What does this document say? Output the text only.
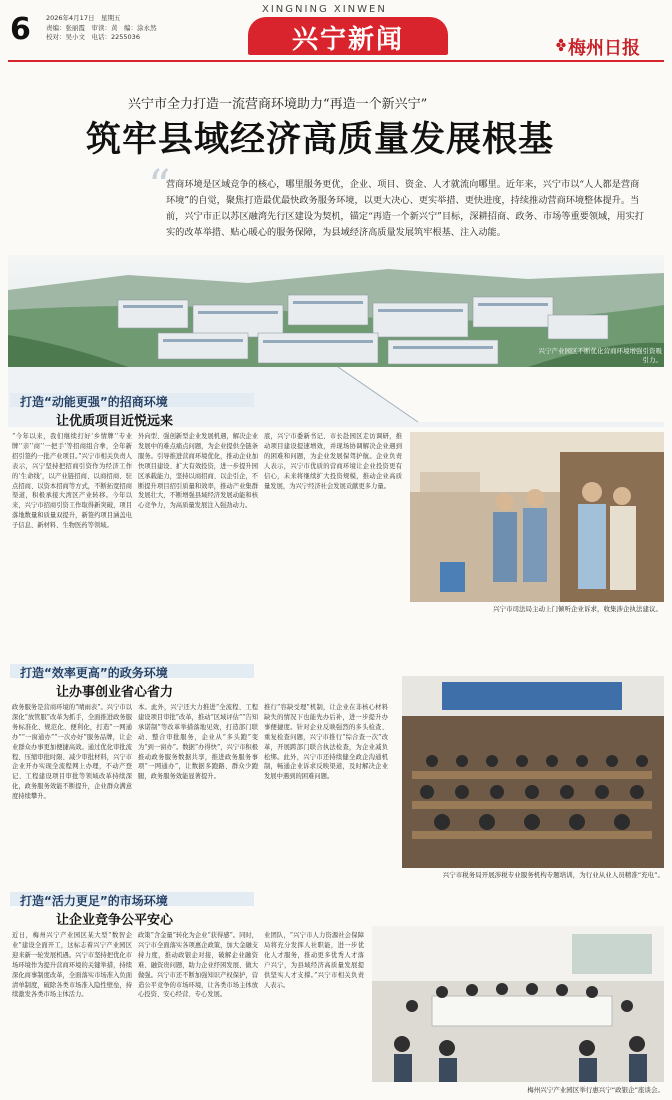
XINGNING XINWEN
6 2026年4月17日　星期五
责编：张丽霞　审读：黄　编：涂永然
校对：吴小文　电话：2255036	兴宁新闻	梅州日报
兴宁市全力打造一流营商环境助力“再造一个新兴宁”
筑牢县域经济高质量发展根基
“
营商环境是区域竞争的核心，哪里服务更优，企业、项目、资金、人才就流向哪里。近年来，兴宁市以“人人都是营商环境”的自觉，聚焦打造最优最快政务服务环境，以更大决心、更实举措、更快进度，持续推动营商环境整体提升。当前，兴宁市正以苏区融湾先行区建设为契机，锚定“再造一个新兴宁”目标，深耕招商、政务、市场等重要领域，用实打实的改革举措、贴心暖心的服务保障，为县域经济高质量发展筑牢根基、注入动能。
兴宁产业园区不断优化营商环境增强引资吸引力。
打造“动能更强”的招商环境
让优质项目近悦远来
“今年以来，我们继续打好‘乡情牌’‘专业牌’‘亲’‘商’‘一把手’等招商组合拳，全年新招引签约一批产业项目。”兴宁市相关负责人表示，兴宁坚持把招商引资作为经济工作的‘生命线’，以产业链招商、以商招商、驻点招商、以资本招商等方式，不断拓宽招商渠道，积极承接大湾区产业转移。今年以来，兴宁市招商引资工作取得新突破，项目落地数量和质量双提升，新签约项目涵盖电子信息、新材料、生物医药等领域。
外向型、强创新型企业发展机遇，解决企业发展中的难点痛点问题，为企业提供全链条服务。引导推进营商环境优化，推动企业加快项目建设、扩大有效投资，进一步提升园区承载能力，坚持以商招商、以企引企，不断提升项目招引质量和效率，推动产业集群发展壮大，不断增强县域经济发展动能和核心竞争力，为高质量发展注入强劲动力。
底，兴宁市委新书记、市长赴园区走访调研，推动项目建设提速增效，并现场协调解决企业遇到的困难和问题，为企业发展保驾护航。企业负责人表示，兴宁市优质的营商环境让企业投资更有信心，未来将继续扩大投资规模，推动企业高质量发展，为兴宁经济社会发展贡献更多力量。
兴宁市司法局主动上门倾听企业诉求，收集涉企执法建议。
打造“效率更高”的政务环境
让办事创业省心省力
政务服务是营商环境的“晴雨表”。兴宁市以深化“放管服”改革为抓手，全面推进政务服务标准化、规范化、便利化，打造“一网通办”“一窗通办”“一次办好”服务品牌，让企业群众办事更加便捷高效。通过优化审批流程、压缩审批时限、减少审批材料，兴宁市企业开办实现全流程网上办理，不动产登记、工程建设项目审批等领域改革持续深化，政务服务效能不断提升，企业群众满意度持续攀升。
本。此外，兴宁还大力推进“全流程、工程建设项目审批”改革，推动“区域评估”“告知承诺制”等改革举措落地见效，打造部门联动、整合审批服务，企业从“多头跑”变为“到一窗办”。数据“办得快”，兴宁市积极推动政务服务数据共享，推进政务服务事项“一网通办”，让数据多跑路、群众少跑腿，政务服务效能显著提升。
推行“容缺受理”机制，让企业在非核心材料缺失的情况下也能先办后补，进一步提升办事便捷度。针对企业反映强烈的多头检查、重复检查问题，兴宁市推行“综合查一次”改革，开展跨部门联合执法检查，为企业减负松绑。此外，兴宁市还持续健全政企沟通机制，畅通企业诉求反映渠道，及时解决企业发展中遇到的困难问题。
兴宁市税务局开展涉税专业服务机构专题培训，为行业从业人员精准“充电”。
打造“活力更足”的市场环境
让企业竞争公平安心
近日，梅州兴宁产业园区某大型“数智企业”建设全面开工，这标志着兴宁产业园区迎来新一轮发展机遇。兴宁市坚持把优化市场环境作为提升营商环境的关键举措，持续深化商事制度改革，全面落实市场准入负面清单制度，破除各类市场准入隐性壁垒，持续激发各类市场主体活力。
政策“含金量”转化为企业“获得感”。同时，兴宁市全面落实各项惠企政策，加大金融支持力度，推动政银企对接，破解企业融资难、融资贵问题，助力企业纾困发展、做大做强。兴宁市还不断加强知识产权保护，营造公平竞争的市场环境，让各类市场主体放心投资、安心经营、专心发展。
业团队，“兴宁市人力资源社会保障局将充分发挥人社职能，进一步优化人才服务，推动更多优秀人才落户兴宁，为县域经济高质量发展提供坚实人才支撑。”兴宁市相关负责人表示。
梅州兴宁产业园区举行惠兴宁“政银企”座谈会。
